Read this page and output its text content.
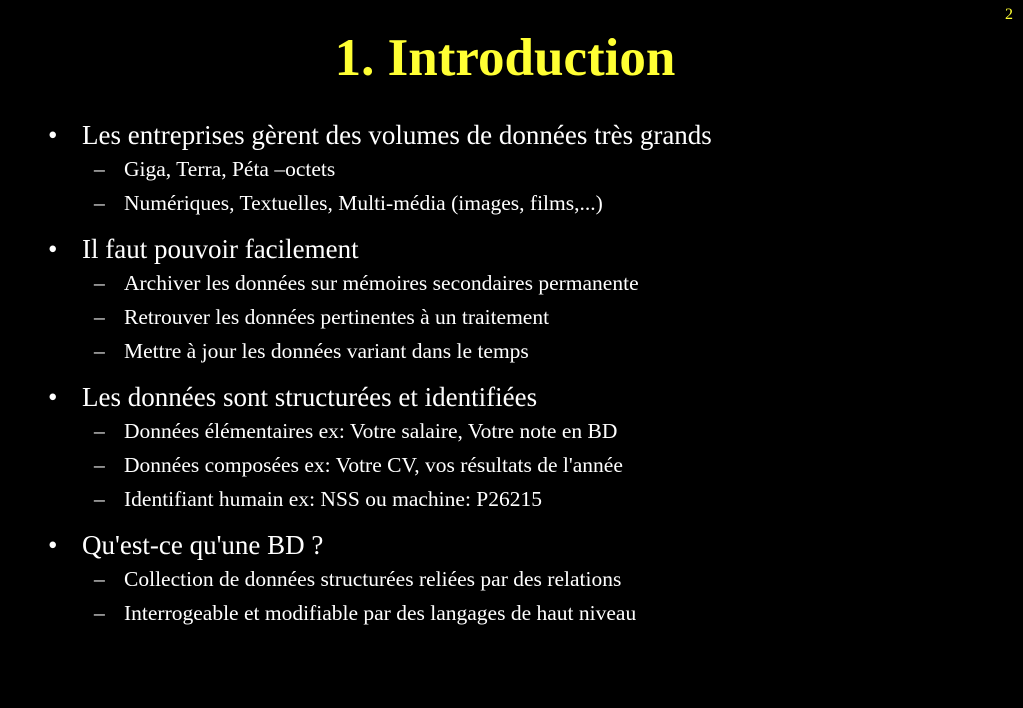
2
1. Introduction
• Les entreprises gèrent des volumes de données très grands
– Giga, Terra, Péta –octets
– Numériques, Textuelles, Multi-média (images, films,...)
• Il faut pouvoir facilement
– Archiver les données sur mémoires secondaires permanente
– Retrouver les données pertinentes à un traitement
– Mettre à jour les données variant dans le temps
• Les données sont structurées et identifiées
– Données élémentaires ex: Votre salaire, Votre note en BD
– Données composées ex: Votre CV, vos résultats de l'année
– Identifiant humain ex: NSS ou machine: P26215
• Qu'est-ce qu'une BD ?
– Collection de données structurées reliées par des relations
– Interrogeable et modifiable par des langages de haut niveau
